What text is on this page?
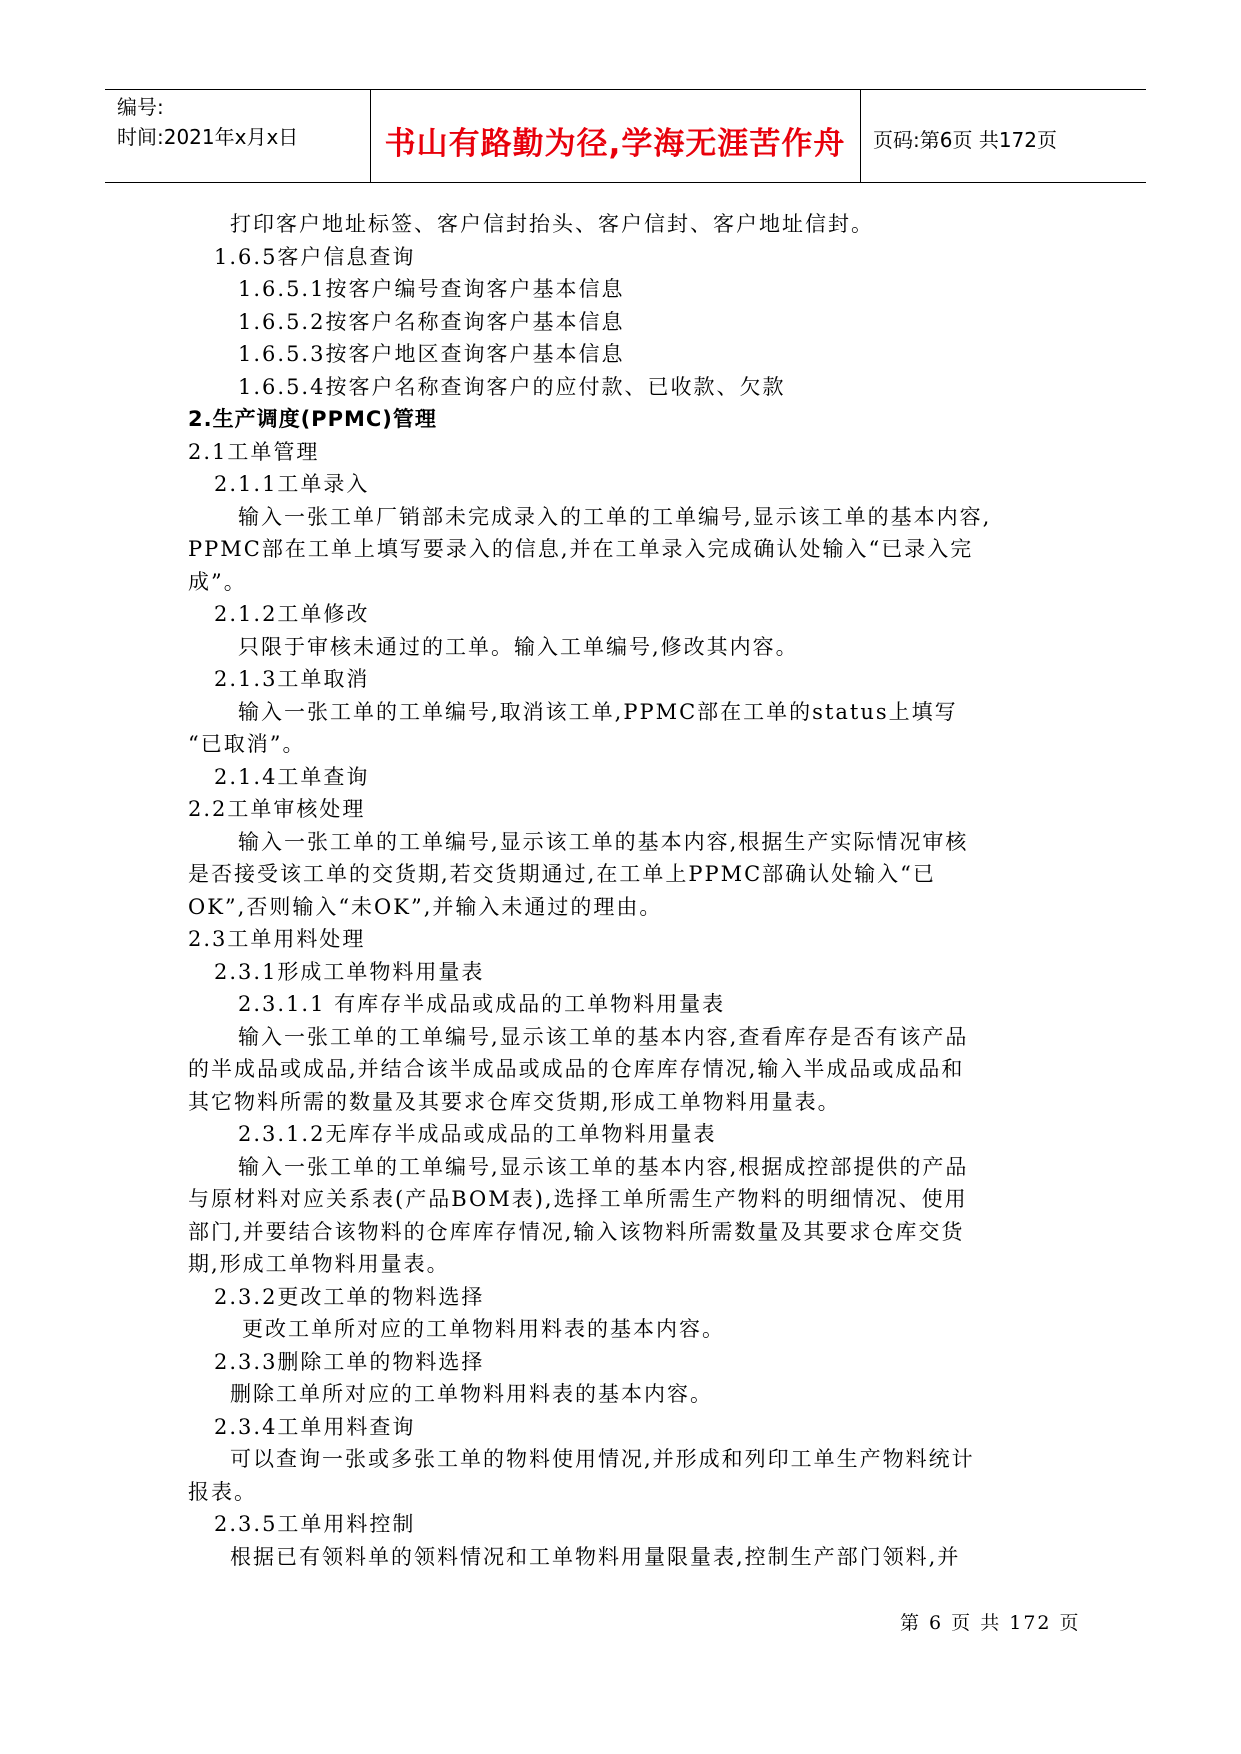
编号:
时间:2021年x月x日	书山有路勤为径,学海无涯苦作舟	页码:第6页 共172页
打印客户地址标签、客户信封抬头、客户信封、客户地址信封。
1.6.5客户信息查询
1.6.5.1按客户编号查询客户基本信息
1.6.5.2按客户名称查询客户基本信息
1.6.5.3按客户地区查询客户基本信息
1.6.5.4按客户名称查询客户的应付款、已收款、欠款
2.生产调度(PPMC)管理
2.1工单管理
2.1.1工单录入
输入一张工单厂销部未完成录入的工单的工单编号,显示该工单的基本内容,
PPMC部在工单上填写要录入的信息,并在工单录入完成确认处输入“已录入完
成”。
2.1.2工单修改
只限于审核未通过的工单。输入工单编号,修改其内容。
2.1.3工单取消
输入一张工单的工单编号,取消该工单,PPMC部在工单的status上填写
“已取消”。
2.1.4工单查询
2.2工单审核处理
输入一张工单的工单编号,显示该工单的基本内容,根据生产实际情况审核
是否接受该工单的交货期,若交货期通过,在工单上PPMC部确认处输入“已
OK”,否则输入“未OK”,并输入未通过的理由。
2.3工单用料处理
2.3.1形成工单物料用量表
2.3.1.1 有库存半成品或成品的工单物料用量表
输入一张工单的工单编号,显示该工单的基本内容,查看库存是否有该产品
的半成品或成品,并结合该半成品或成品的仓库库存情况,输入半成品或成品和
其它物料所需的数量及其要求仓库交货期,形成工单物料用量表。
2.3.1.2无库存半成品或成品的工单物料用量表
输入一张工单的工单编号,显示该工单的基本内容,根据成控部提供的产品
与原材料对应关系表(产品BOM表),选择工单所需生产物料的明细情况、使用
部门,并要结合该物料的仓库库存情况,输入该物料所需数量及其要求仓库交货
期,形成工单物料用量表。
2.3.2更改工单的物料选择
更改工单所对应的工单物料用料表的基本内容。
2.3.3删除工单的物料选择
删除工单所对应的工单物料用料表的基本内容。
2.3.4工单用料查询
可以查询一张或多张工单的物料使用情况,并形成和列印工单生产物料统计
报表。
2.3.5工单用料控制
根据已有领料单的领料情况和工单物料用量限量表,控制生产部门领料,并
第 6 页 共 172 页
